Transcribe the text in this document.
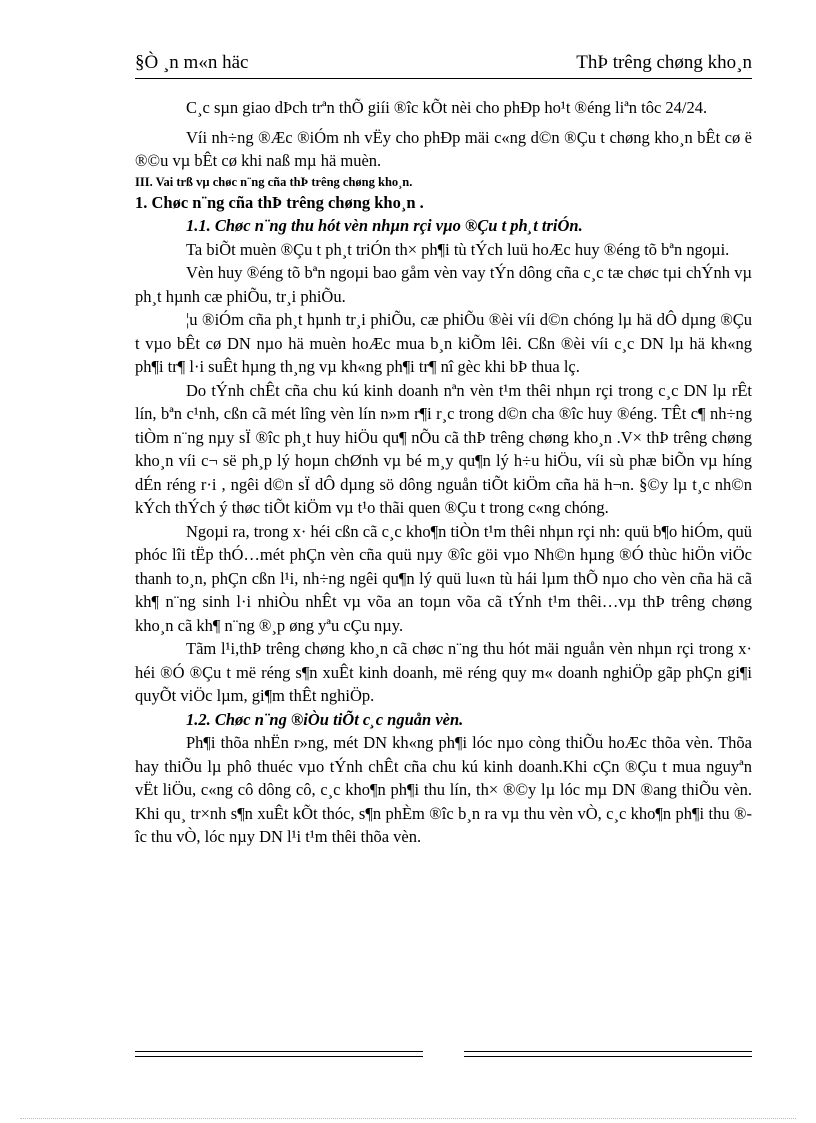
§Ò ¸n m«n häc	ThÞ trêng chøng kho¸n

C¸c sµn giao dÞch trªn thÕ giíi ®îc kÕt nèi cho phÐp ho¹t ®éng liªn tôc 24/24.

Víi nh÷ng ®Æc ®iÓm nh vËy cho phÐp mäi c«ng d©n ®Çu t chøng kho¸n bÊt cø ë ®©u vµ bÊt cø khi naß mµ hä muèn.

III. Vai trß vµ chøc n¨ng cña thÞ trêng chøng kho¸n.

1. Chøc n¨ng cña thÞ trêng chøng kho¸n .

1.1. Chøc n¨ng thu hót vèn nhµn rçi vµo ®Çu t ph¸t triÓn.

Ta biÕt muèn ®Çu t ph¸t triÓn th× ph¶i tù tÝch luü hoÆc huy ®éng tõ bªn ngoµi.

Vèn huy ®éng tõ bªn ngoµi bao gåm vèn vay tÝn dông cña c¸c tæ chøc tµi chÝnh vµ ph¸t hµnh cæ phiÕu, tr¸i phiÕu.

¦u ®iÓm cña ph¸t hµnh tr¸i phiÕu, cæ phiÕu ®èi víi d©n chóng lµ hä dÔ dµng ®Çu t vµo bÊt cø DN nµo hä muèn hoÆc mua b¸n kiÕm lêi. Cßn ®èi víi c¸c DN lµ hä kh«ng ph¶i tr¶ l·i suÊt hµng th¸ng vµ kh«ng ph¶i tr¶ nî gèc khi bÞ thua lç.

Do tÝnh chÊt cña chu kú kinh doanh nªn vèn t¹m thêi nhµn rçi trong c¸c DN lµ rÊt lín, bªn c¹nh, cßn cã mét lîng vèn lín n»m r¶i r¸c trong d©n cha ®îc huy ®éng. TÊt c¶ nh÷ng tiÒm n¨ng nµy sÏ ®îc ph¸t huy hiÖu qu¶ nÕu cã thÞ trêng chøng kho¸n .V× thÞ trêng chøng kho¸n víi c¬ së ph¸p lý hoµn chØnh vµ bé m¸y qu¶n lý h÷u hiÖu, víi sù phæ biÕn vµ híng dÉn réng r·i , ngêi d©n sÏ dÔ dµng sö dông nguån tiÕt kiÖm cña hä h¬n. §©y lµ t¸c nh©n kÝch thÝch ý thøc tiÕt kiÖm vµ t¹o thãi quen ®Çu t trong c«ng chóng.

Ngoµi ra, trong x· héi cßn cã c¸c kho¶n tiÒn t¹m thêi nhµn rçi nh: quü b¶o hiÓm, quü phóc lîi tËp thÓ…mét phÇn vèn cña quü nµy ®îc göi vµo Nh©n hµng ®Ó thùc hiÖn viÖc thanh to¸n, phÇn cßn l¹i, nh÷ng ngêi qu¶n lý quü lu«n tù hái lµm thÕ nµo cho vèn cña hä cã kh¶ n¨ng sinh l·i nhiÒu nhÊt vµ võa an toµn võa cã tÝnh t¹m thêi…vµ thÞ trêng chøng kho¸n cã kh¶ n¨ng ®¸p øng yªu cÇu nµy.

Tãm l¹i,thÞ trêng chøng kho¸n cã chøc n¨ng thu hót mäi nguån vèn nhµn rçi trong x· héi ®Ó ®Çu t më réng s¶n xuÊt kinh doanh, më réng quy m« doanh nghiÖp gãp phÇn gi¶i quyÕt viÖc lµm, gi¶m thÊt nghiÖp.

1.2. Chøc n¨ng ®iÒu tiÕt c¸c nguån vèn.

Ph¶i thõa nhËn r»ng, mét DN kh«ng ph¶i lóc nµo còng thiÕu hoÆc thõa vèn. Thõa hay thiÕu lµ phô thuéc vµo tÝnh chÊt cña chu kú kinh doanh.Khi cÇn ®Çu t mua nguyªn vËt liÖu, c«ng cô dông cô, c¸c kho¶n ph¶i thu lín, th× ®©y lµ lóc mµ DN ®ang thiÕu vèn. Khi qu¸ tr×nh s¶n xuÊt kÕt thóc, s¶n phÈm ®îc b¸n ra vµ thu vèn vÒ, c¸c kho¶n ph¶i thu ®îc thu vÒ, lóc nµy DN l¹i t¹m thêi thõa vèn.
